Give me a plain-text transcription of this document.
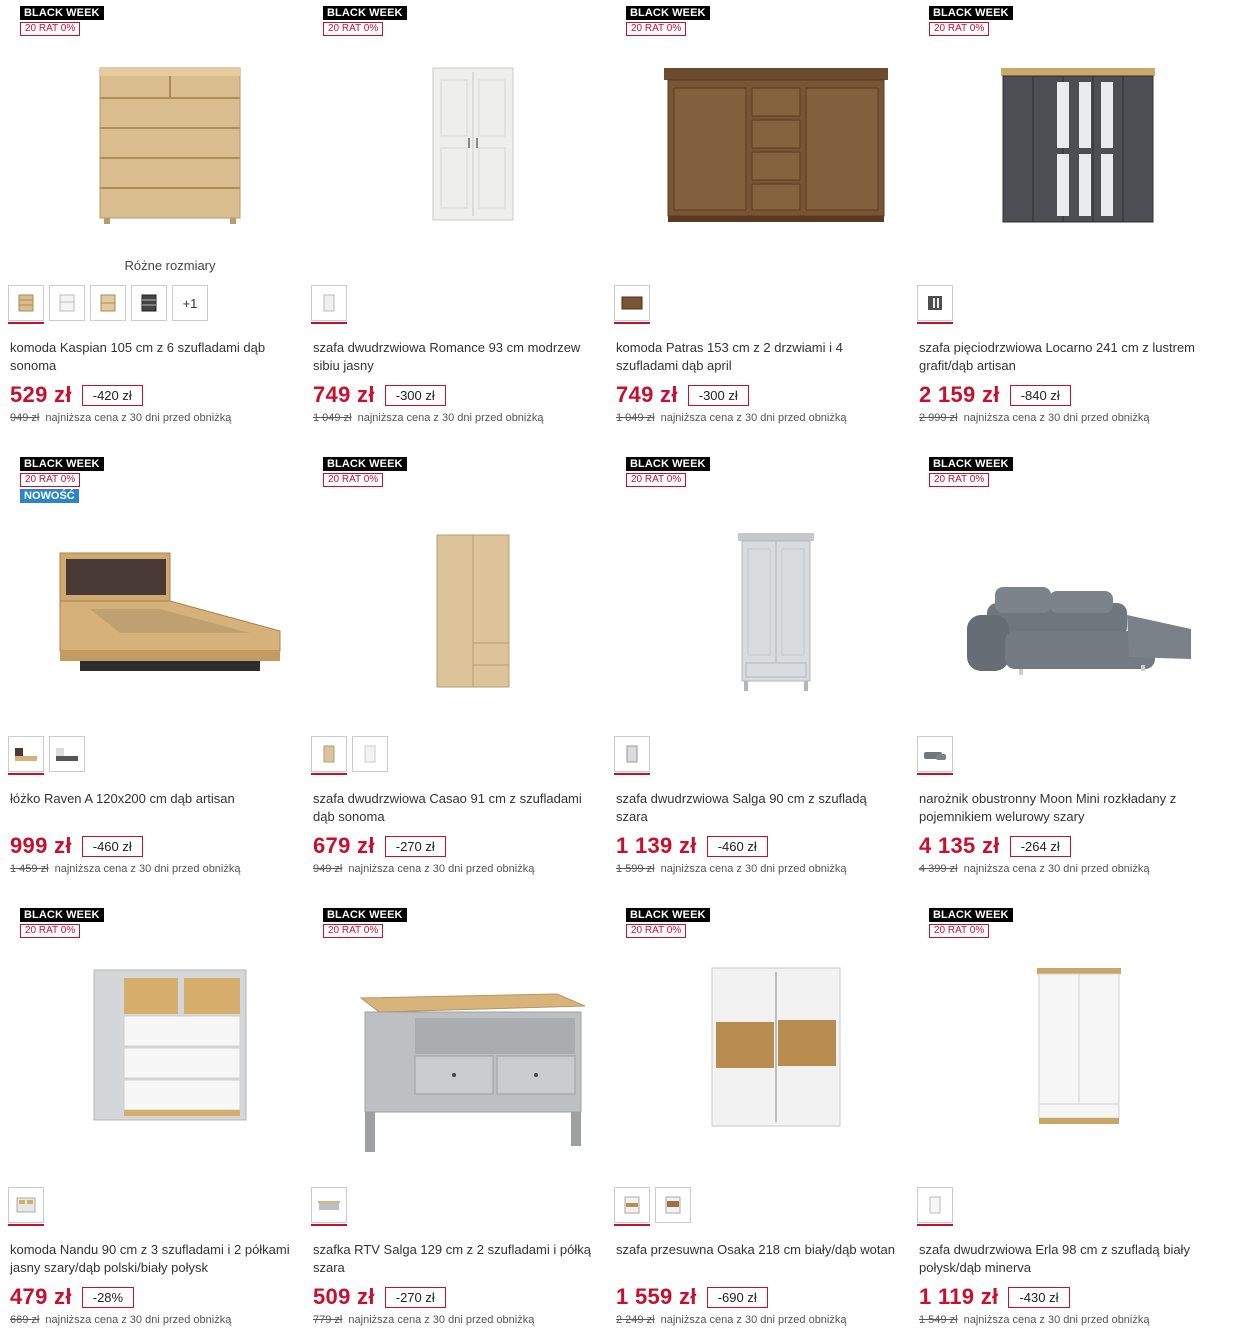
BLACK WEEK
20 RAT 0%
Różne rozmiary
+1
komoda Kaspian 105 cm z 6 szufladami dąb sonoma
529 zł	-420 zł
949 zł najniższa cena z 30 dni przed obniżką
BLACK WEEK
20 RAT 0%
szafa dwudrzwiowa Romance 93 cm modrzew sibiu jasny
749 zł	-300 zł
1 049 zł najniższa cena z 30 dni przed obniżką
BLACK WEEK
20 RAT 0%
komoda Patras 153 cm z 2 drzwiami i 4 szufladami dąb april
749 zł	-300 zł
1 049 zł najniższa cena z 30 dni przed obniżką
BLACK WEEK
20 RAT 0%
szafa pięciodrzwiowa Locarno 241 cm z lustrem grafit/dąb artisan
2 159 zł	-840 zł
2 999 zł najniższa cena z 30 dni przed obniżką
BLACK WEEK
20 RAT 0%
NOWOŚĆ
łóżko Raven A 120x200 cm dąb artisan
999 zł	-460 zł
1 459 zł najniższa cena z 30 dni przed obniżką
BLACK WEEK
20 RAT 0%
szafa dwudrzwiowa Casao 91 cm z szufladami dąb sonoma
679 zł	-270 zł
949 zł najniższa cena z 30 dni przed obniżką
BLACK WEEK
20 RAT 0%
szafa dwudrzwiowa Salga 90 cm z szufladą szara
1 139 zł	-460 zł
1 599 zł najniższa cena z 30 dni przed obniżką
BLACK WEEK
20 RAT 0%
narożnik obustronny Moon Mini rozkładany z pojemnikiem welurowy szary
4 135 zł	-264 zł
4 399 zł najniższa cena z 30 dni przed obniżką
BLACK WEEK
20 RAT 0%
komoda Nandu 90 cm z 3 szufladami i 2 półkami jasny szary/dąb polski/biały połysk
479 zł	-28%
669 zł najniższa cena z 30 dni przed obniżką
BLACK WEEK
20 RAT 0%
szafka RTV Salga 129 cm z 2 szufladami i półką szara
509 zł	-270 zł
779 zł najniższa cena z 30 dni przed obniżką
BLACK WEEK
20 RAT 0%
szafa przesuwna Osaka 218 cm biały/dąb wotan
1 559 zł	-690 zł
2 249 zł najniższa cena z 30 dni przed obniżką
BLACK WEEK
20 RAT 0%
szafa dwudrzwiowa Erla 98 cm z szufladą biały połysk/dąb minerva
1 119 zł	-430 zł
1 549 zł najniższa cena z 30 dni przed obniżką
